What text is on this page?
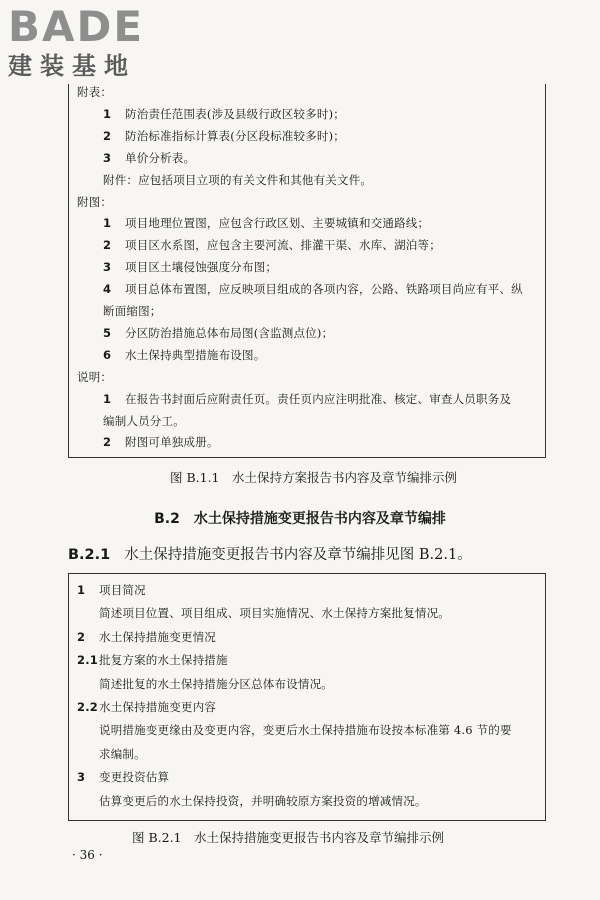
BADE
建装基地
附表：
1 防治责任范围表(涉及县级行政区较多时)；
2 防治标准指标计算表(分区段标准较多时)；
3 单价分析表。
附件：应包括项目立项的有关文件和其他有关文件。
附图：
1 项目地理位置图，应包含行政区划、主要城镇和交通路线；
2 项目区水系图，应包含主要河流、排灌干渠、水库、湖泊等；
3 项目区土壤侵蚀强度分布图；
4 项目总体布置图，应反映项目组成的各项内容，公路、铁路项目尚应有平、纵
断面缩图；
5 分区防治措施总体布局图(含监测点位)；
6 水土保持典型措施布设图。
说明：
1 在报告书封面后应附责任页。责任页内应注明批准、核定、审查人员职务及
编制人员分工。
2 附图可单独成册。
图 B.1.1　水土保持方案报告书内容及章节编排示例
B.2　水土保持措施变更报告书内容及章节编排
B.2.1 水土保持措施变更报告书内容及章节编排见图 B.2.1。
1 项目简况
简述项目位置、项目组成、项目实施情况、水土保持方案批复情况。
2 水土保持措施变更情况
2.1批复方案的水土保持措施
简述批复的水土保持措施分区总体布设情况。
2.2水土保持措施变更内容
说明措施变更缘由及变更内容，变更后水土保持措施布设按本标准第 4.6 节的要
求编制。
3 变更投资估算
估算变更后的水土保持投资，并明确较原方案投资的增减情况。
图 B.2.1　水土保持措施变更报告书内容及章节编排示例
· 36 ·
